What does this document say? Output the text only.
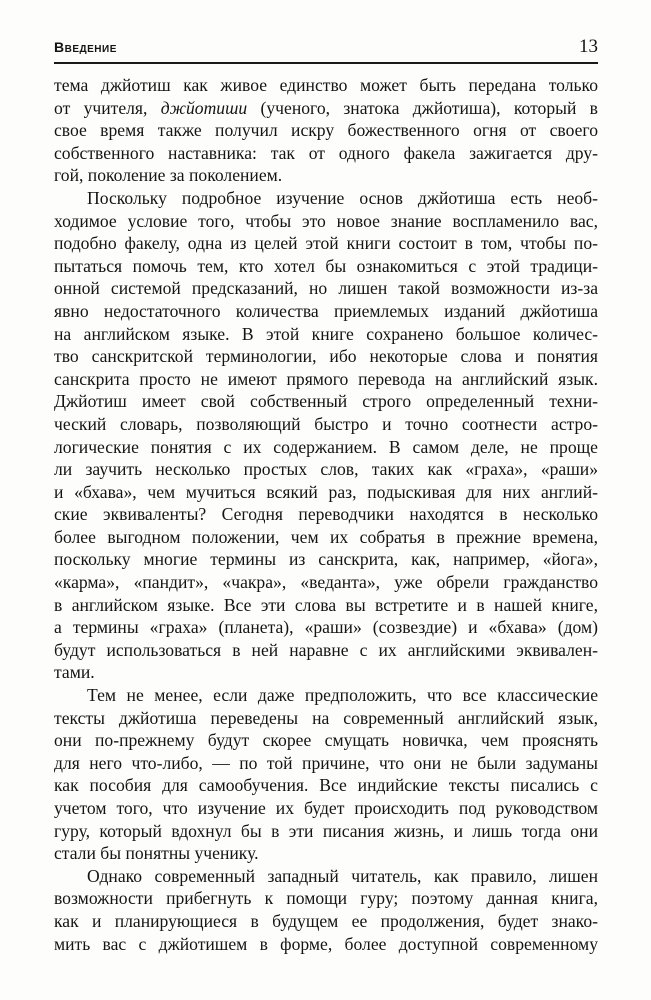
Введение	13
тема джйотиш как живое единство может быть передана только
от учителя, джйотиши (ученого, знатока джйотиша), который в
свое время также получил искру божественного огня от своего
собственного наставника: так от одного факела зажигается дру-
гой, поколение за поколением.
Поскольку подробное изучение основ джйотиша есть необ-
ходимое условие того, чтобы это новое знание воспламенило вас,
подобно факелу, одна из целей этой книги состоит в том, чтобы по-
пытаться помочь тем, кто хотел бы ознакомиться с этой традици-
онной системой предсказаний, но лишен такой возможности из-за
явно недостаточного количества приемлемых изданий джйотиша
на английском языке. В этой книге сохранено большое количес-
тво санскритской терминологии, ибо некоторые слова и понятия
санскрита просто не имеют прямого перевода на английский язык.
Джйотиш имеет свой собственный строго определенный техни-
ческий словарь, позволяющий быстро и точно соотнести астро-
логические понятия с их содержанием. В самом деле, не проще
ли заучить несколько простых слов, таких как «граха», «раши»
и «бхава», чем мучиться всякий раз, подыскивая для них англий-
ские эквиваленты? Сегодня переводчики находятся в несколько
более выгодном положении, чем их собратья в прежние времена,
поскольку многие термины из санскрита, как, например, «йога»,
«карма», «пандит», «чакра», «веданта», уже обрели гражданство
в английском языке. Все эти слова вы встретите и в нашей книге,
а термины «граха» (планета), «раши» (созвездие) и «бхава» (дом)
будут использоваться в ней наравне с их английскими эквивален-
тами.
Тем не менее, если даже предположить, что все классические
тексты джйотиша переведены на современный английский язык,
они по-прежнему будут скорее смущать новичка, чем прояснять
для него что-либо, — по той причине, что они не были задуманы
как пособия для самообучения. Все индийские тексты писались с
учетом того, что изучение их будет происходить под руководством
гуру, который вдохнул бы в эти писания жизнь, и лишь тогда они
стали бы понятны ученику.
Однако современный западный читатель, как правило, лишен
возможности прибегнуть к помощи гуру; поэтому данная книга,
как и планирующиеся в будущем ее продолжения, будет знако-
мить вас с джйотишем в форме, более доступной современному
